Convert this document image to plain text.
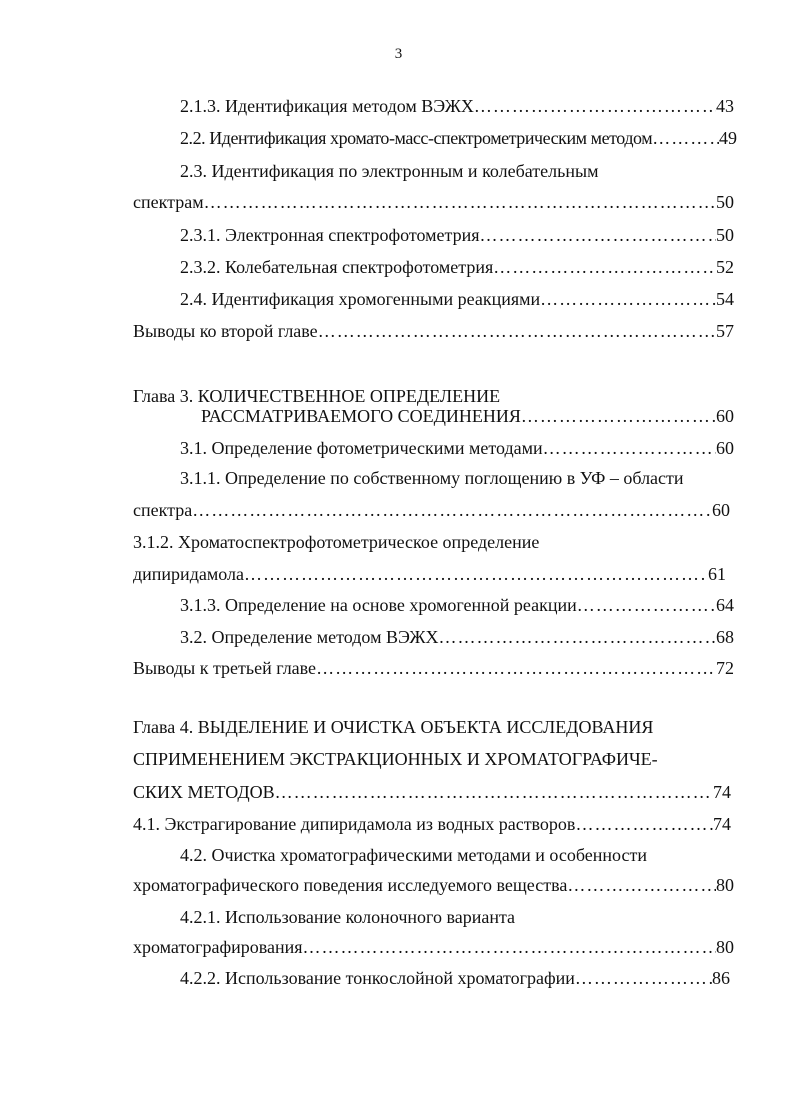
3
2.1.3. Идентификация методом ВЭЖХ …………………………………………………………………………………………………………………………………………………………………………………………	43
2.2. Идентификация хромато-масс-спектрометрическим методом …………………………………………………………………………………………………………………………………………………………………………………………	49
2.3. Идентификация по электронным и колебательным
спектрам …………………………………………………………………………………………………………………………………………………………………………………………	50
2.3.1. Электронная спектрофотометрия …………………………………………………………………………………………………………………………………………………………………………………………	50
2.3.2. Колебательная спектрофотометрия …………………………………………………………………………………………………………………………………………………………………………………………	52
2.4. Идентификация хромогенными реакциями …………………………………………………………………………………………………………………………………………………………………………………………	54
Выводы ко второй главе …………………………………………………………………………………………………………………………………………………………………………………………	57
Глава 3. КОЛИЧЕСТВЕННОЕ ОПРЕДЕЛЕНИЕ
РАССМАТРИВАЕМОГО СОЕДИНЕНИЯ …………………………………………………………………………………………………………………………………………………………………………………………	60
3.1. Определение фотометрическими методами …………………………………………………………………………………………………………………………………………………………………………………………	60
3.1.1. Определение по собственному поглощению в УФ – области
спектра …………………………………………………………………………………………………………………………………………………………………………………………	60
3.1.2. Хроматоспектрофотометрическое определение
дипиридамола …………………………………………………………………………………………………………………………………………………………………………………………	61
3.1.3. Определение на основе хромогенной реакции …………………………………………………………………………………………………………………………………………………………………………………………	64
3.2. Определение методом ВЭЖХ …………………………………………………………………………………………………………………………………………………………………………………………	68
Выводы к третьей главе …………………………………………………………………………………………………………………………………………………………………………………………	72
Глава 4. ВЫДЕЛЕНИЕ И ОЧИСТКА ОБЪЕКТА ИССЛЕДОВАНИЯ
СПРИМЕНЕНИЕМ ЭКСТРАКЦИОННЫХ И ХРОМАТОГРАФИЧЕ-
СКИХ МЕТОДОВ …………………………………………………………………………………………………………………………………………………………………………………………	74
4.1. Экстрагирование дипиридамола из водных растворов …………………………………………………………………………………………………………………………………………………………………………………………	74
4.2. Очистка хроматографическими методами и особенности
хроматографического поведения исследуемого вещества …………………………………………………………………………………………………………………………………………………………………………………………	80
4.2.1. Использование колоночного варианта
хроматографирования …………………………………………………………………………………………………………………………………………………………………………………………	80
4.2.2. Использование тонкослойной хроматографии …………………………………………………………………………………………………………………………………………………………………………………………	86
